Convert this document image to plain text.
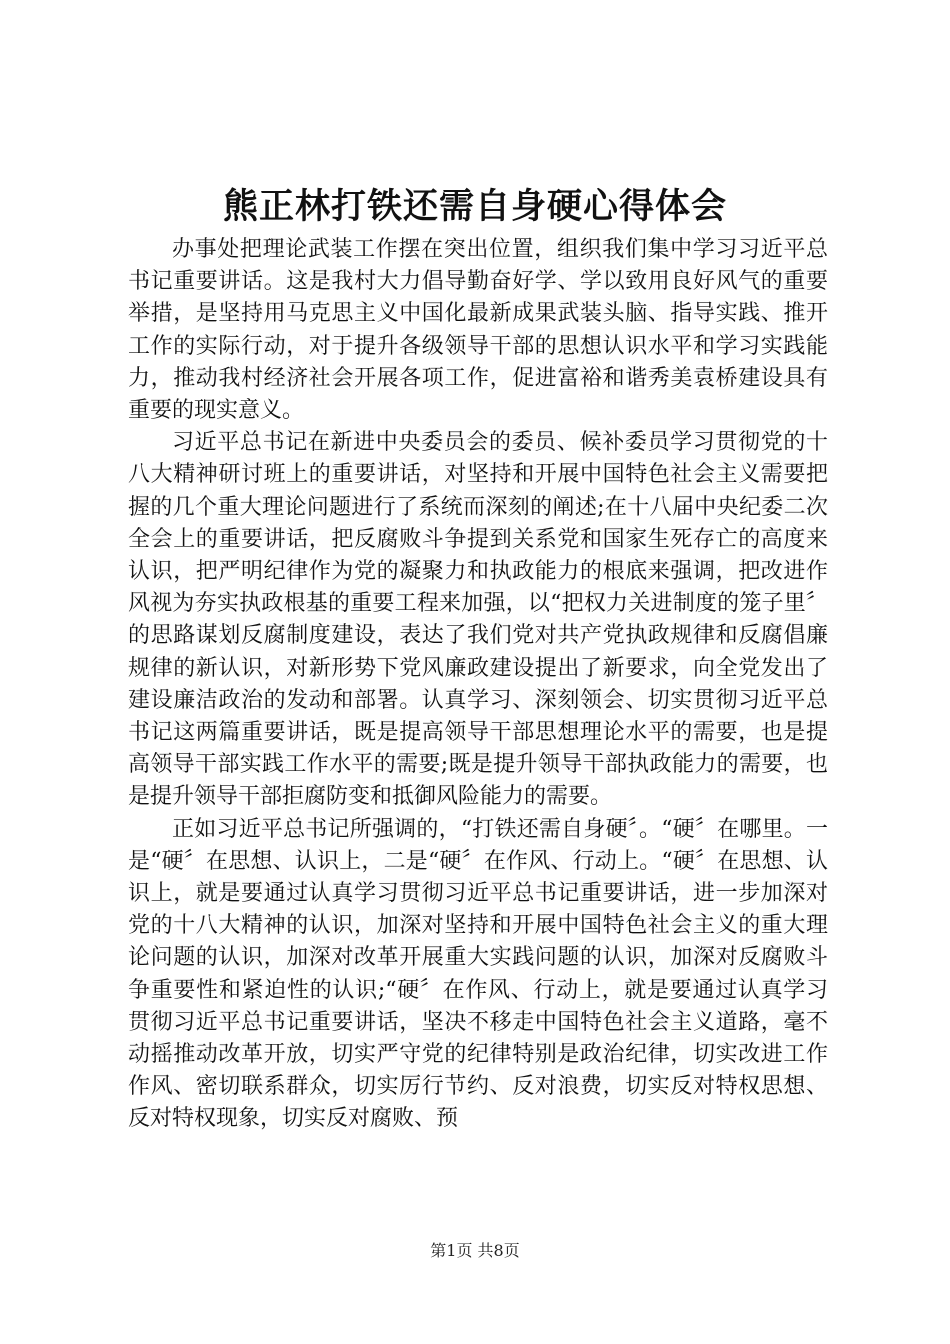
熊正林打铁还需自身硬心得体会

办事处把理论武装工作摆在突出位置，组织我们集中学习习近平总书记重要讲话。这是我村大力倡导勤奋好学、学以致用良好风气的重要举措，是坚持用马克思主义中国化最新成果武装头脑、指导实践、推开工作的实际行动，对于提升各级领导干部的思想认识水平和学习实践能力，推动我村经济社会开展各项工作，促进富裕和谐秀美袁桥建设具有重要的现实意义。

习近平总书记在新进中央委员会的委员、候补委员学习贯彻党的十八大精神研讨班上的重要讲话，对坚持和开展中国特色社会主义需要把握的几个重大理论问题进行了系统而深刻的阐述;在十八届中央纪委二次全会上的重要讲话，把反腐败斗争提到关系党和国家生死存亡的高度来认识，把严明纪律作为党的凝聚力和执政能力的根底来强调，把改进作风视为夯实执政根基的重要工程来加强，以“把权力关进制度的笼子里〞的思路谋划反腐制度建设，表达了我们党对共产党执政规律和反腐倡廉规律的新认识，对新形势下党风廉政建设提出了新要求，向全党发出了建设廉洁政治的发动和部署。认真学习、深刻领会、切实贯彻习近平总书记这两篇重要讲话，既是提高领导干部思想理论水平的需要，也是提高领导干部实践工作水平的需要;既是提升领导干部执政能力的需要，也是提升领导干部拒腐防变和抵御风险能力的需要。

正如习近平总书记所强调的，“打铁还需自身硬〞。“硬〞在哪里。一是“硬〞在思想、认识上，二是“硬〞在作风、行动上。“硬〞在思想、认识上，就是要通过认真学习贯彻习近平总书记重要讲话，进一步加深对党的十八大精神的认识，加深对坚持和开展中国特色社会主义的重大理论问题的认识，加深对改革开展重大实践问题的认识，加深对反腐败斗争重要性和紧迫性的认识;“硬〞在作风、行动上，就是要通过认真学习贯彻习近平总书记重要讲话，坚决不移走中国特色社会主义道路，毫不动摇推动改革开放，切实严守党的纪律特别是政治纪律，切实改进工作作风、密切联系群众，切实厉行节约、反对浪费，切实反对特权思想、反对特权现象，切实反对腐败、预

第1页 共8页
